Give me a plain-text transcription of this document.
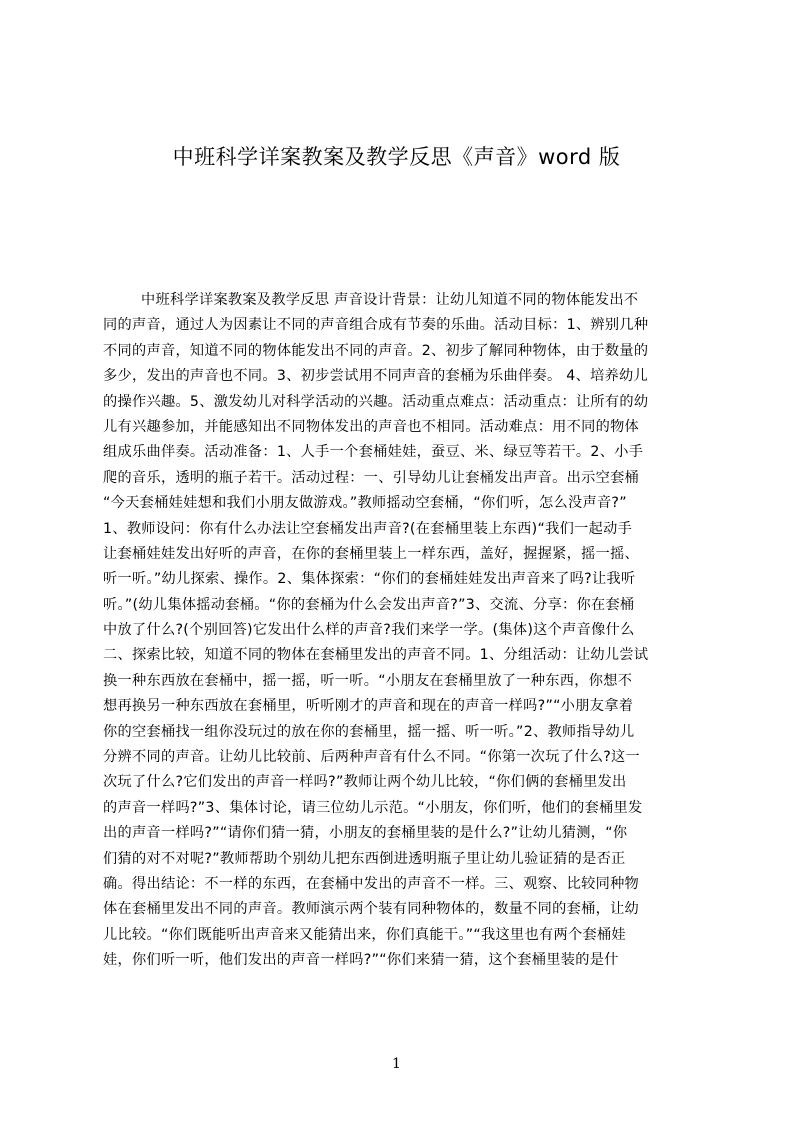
中班科学详案教案及教学反思《声音》word 版
中班科学详案教案及教学反思 声音设计背景：让幼儿知道不同的物体能发出不
同的声音，通过人为因素让不同的声音组合成有节奏的乐曲。活动目标：1、辨别几种
不同的声音，知道不同的物体能发出不同的声音。2、初步了解同种物体，由于数量的
多少，发出的声音也不同。3、初步尝试用不同声音的套桶为乐曲伴奏。 4、培养幼儿
的操作兴趣。5、激发幼儿对科学活动的兴趣。活动重点难点：活动重点：让所有的幼
儿有兴趣参加，并能感知出不同物体发出的声音也不相同。活动难点：用不同的物体
组成乐曲伴奏。活动准备：1、人手一个套桶娃娃，蚕豆、米、绿豆等若干。2、小手
爬的音乐，透明的瓶子若干。活动过程：一、引导幼儿让套桶发出声音。出示空套桶
“今天套桶娃娃想和我们小朋友做游戏。”教师摇动空套桶，“你们听，怎么没声音?”
1、教师设问：你有什么办法让空套桶发出声音?(在套桶里装上东西)“我们一起动手
让套桶娃娃发出好听的声音，在你的套桶里装上一样东西，盖好，握握紧，摇一摇、
听一听。”幼儿探索、操作。2、集体探索：“你们的套桶娃娃发出声音来了吗?让我听
听。”(幼儿集体摇动套桶。“你的套桶为什么会发出声音?”3、交流、分享：你在套桶
中放了什么?(个别回答)它发出什么样的声音?我们来学一学。(集体)这个声音像什么
二、探索比较，知道不同的物体在套桶里发出的声音不同。1、分组活动：让幼儿尝试
换一种东西放在套桶中，摇一摇，听一听。“小朋友在套桶里放了一种东西，你想不
想再换另一种东西放在套桶里，听听刚才的声音和现在的声音一样吗?”“小朋友拿着
你的空套桶找一组你没玩过的放在你的套桶里，摇一摇、听一听。”2、教师指导幼儿
分辨不同的声音。让幼儿比较前、后两种声音有什么不同。“你第一次玩了什么?这一
次玩了什么?它们发出的声音一样吗?”教师让两个幼儿比较，“你们俩的套桶里发出
的声音一样吗?”3、集体讨论，请三位幼儿示范。“小朋友，你们听，他们的套桶里发
出的声音一样吗?”“请你们猜一猜，小朋友的套桶里装的是什么?”让幼儿猜测，“你
们猜的对不对呢?”教师帮助个别幼儿把东西倒进透明瓶子里让幼儿验证猜的是否正
确。得出结论：不一样的东西，在套桶中发出的声音不一样。三、观察、比较同种物
体在套桶里发出不同的声音。教师演示两个装有同种物体的，数量不同的套桶，让幼
儿比较。“你们既能听出声音来又能猜出来，你们真能干。”“我这里也有两个套桶娃
娃，你们听一听，他们发出的声音一样吗?”“你们来猜一猜，这个套桶里装的是什
1
